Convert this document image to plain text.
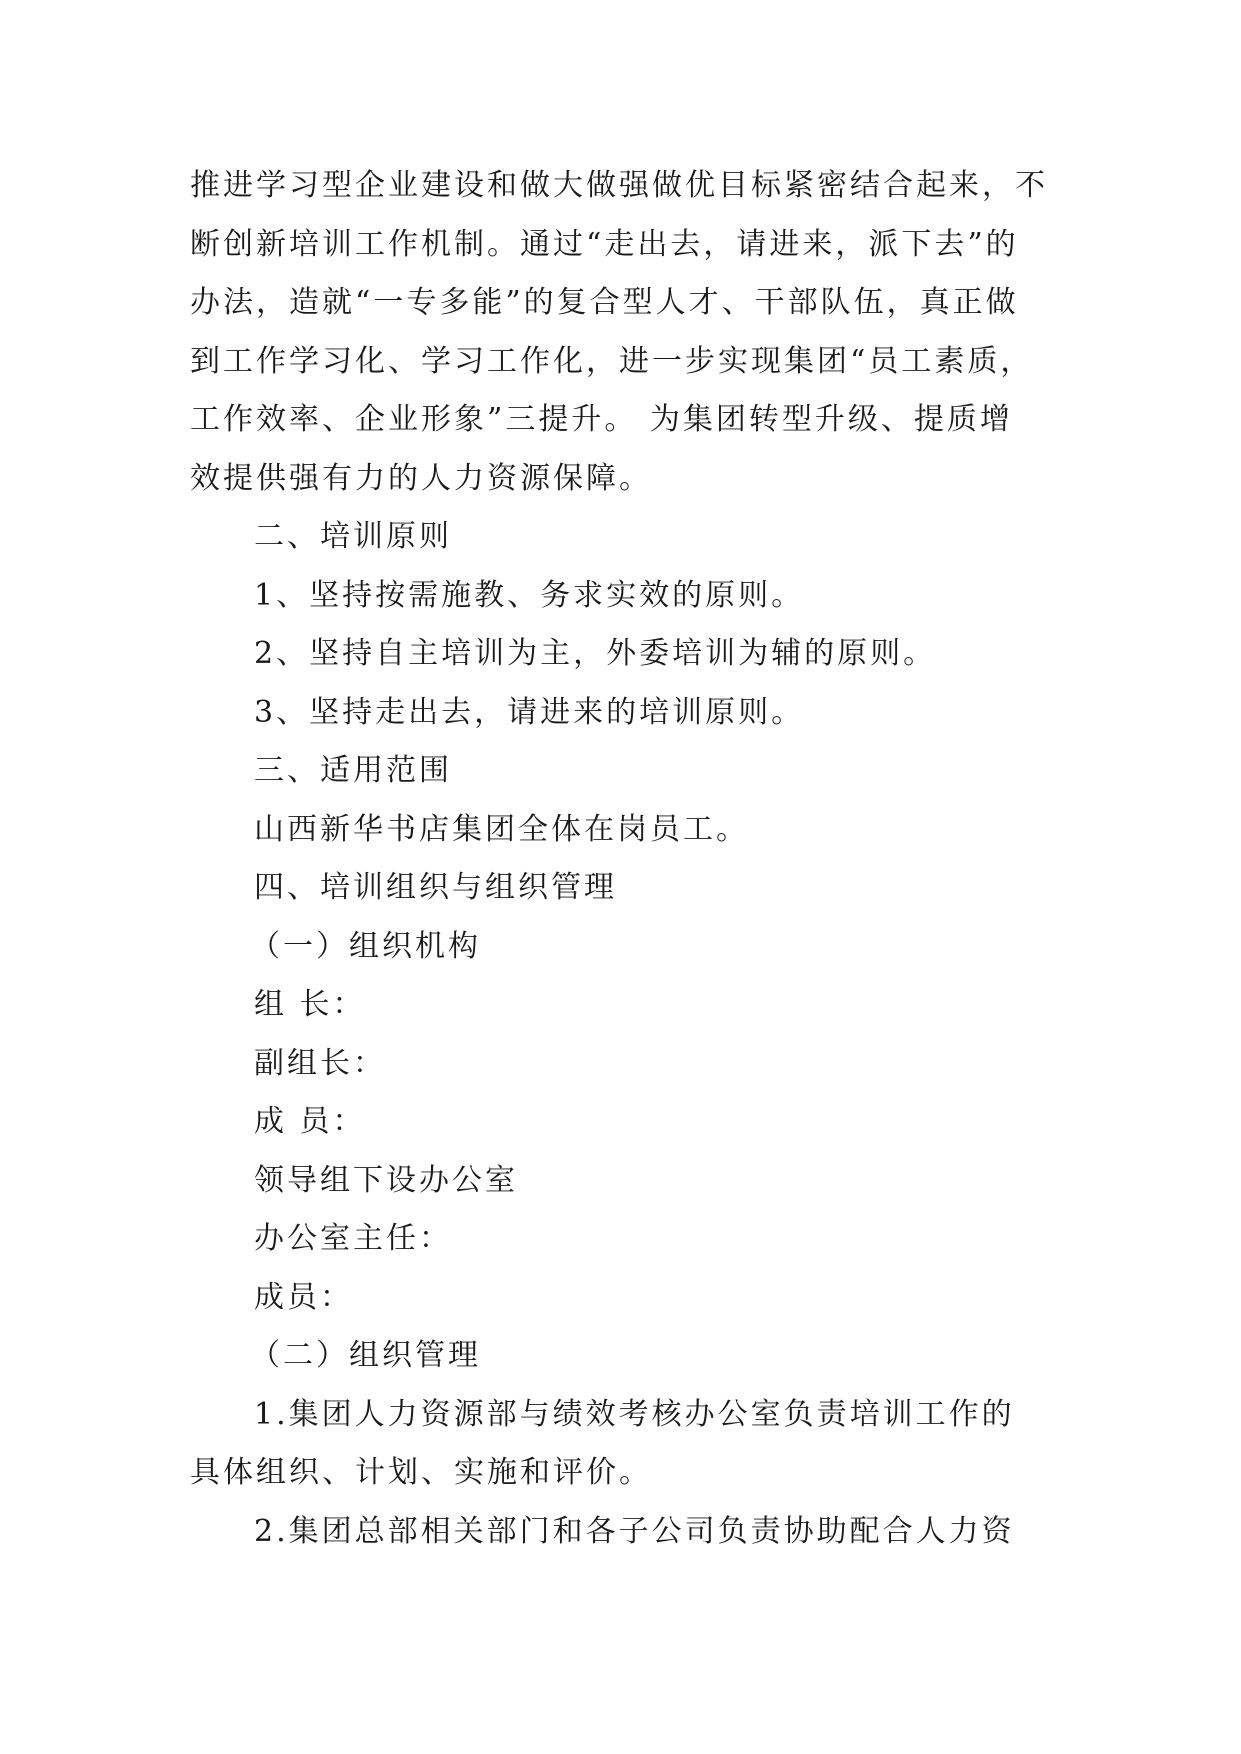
推进学习型企业建设和做大做强做优目标紧密结合起来，不
断创新培训工作机制。通过“走出去，请进来，派下去”的
办法，造就“一专多能”的复合型人才、干部队伍，真正做
到工作学习化、学习工作化，进一步实现集团“员工素质，
工作效率、企业形象”三提升。 为集团转型升级、提质增
效提供强有力的人力资源保障。
二、培训原则
1、坚持按需施教、务求实效的原则。
2、坚持自主培训为主，外委培训为辅的原则。
3、坚持走出去，请进来的培训原则。
三、适用范围
山西新华书店集团全体在岗员工。
四、培训组织与组织管理
（一）组织机构
组 长：
副组长：
成 员：
领导组下设办公室
办公室主任：
成员：
（二）组织管理
1.集团人力资源部与绩效考核办公室负责培训工作的
具体组织、计划、实施和评价。
2.集团总部相关部门和各子公司负责协助配合人力资
